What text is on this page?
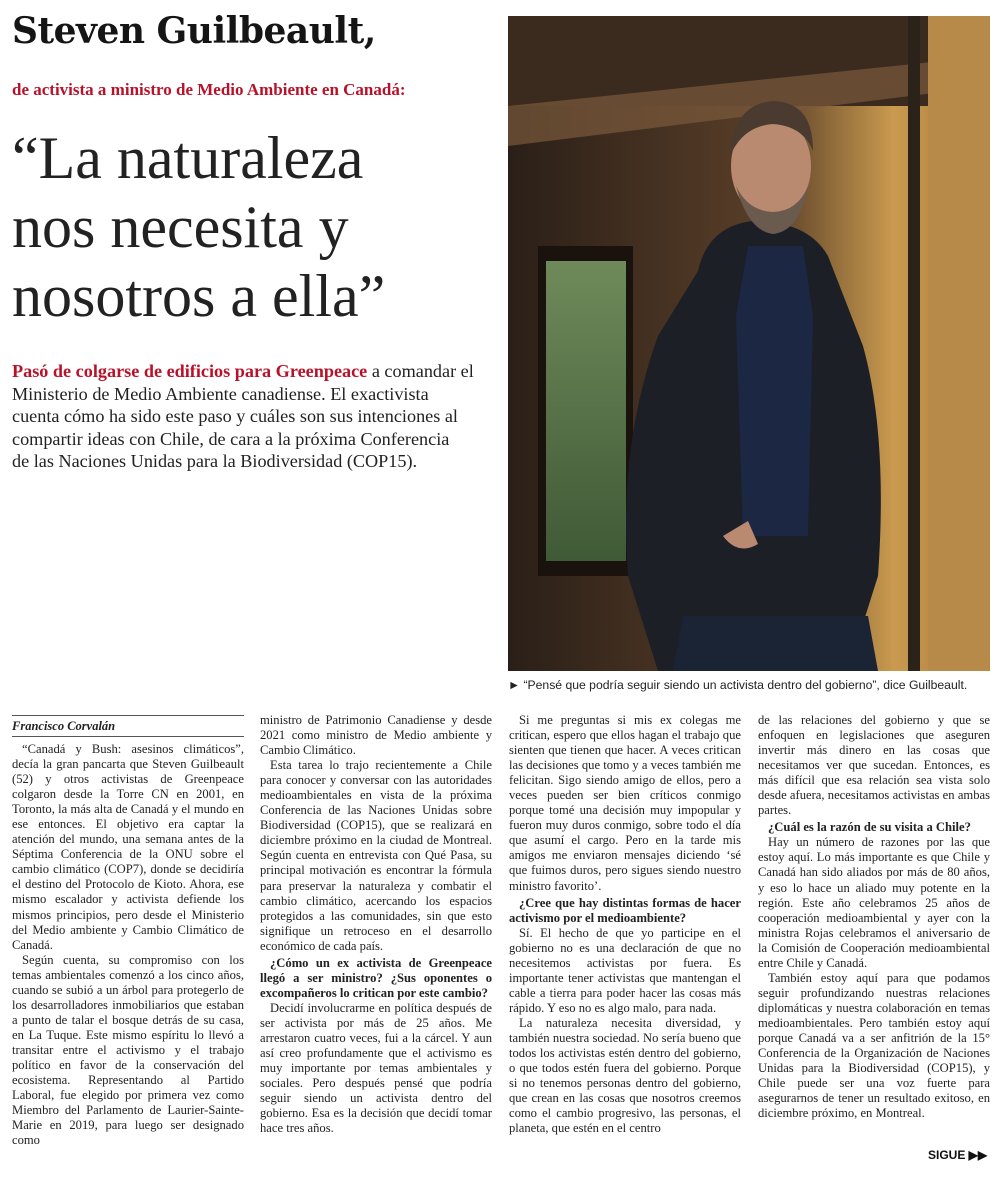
Steven Guilbeault,
de activista a ministro de Medio Ambiente en Canadá:
“La naturaleza
nos necesita y
nosotros a ella”

Pasó de colgarse de edificios para Greenpeace a comandar el
Ministerio de Medio Ambiente canadiense. El exactivista
cuenta cómo ha sido este paso y cuáles son sus intenciones al
compartir ideas con Chile, de cara a la próxima Conferencia
de las Naciones Unidas para la Biodiversidad (COP15).

► “Pensé que podría seguir siendo un activista dentro del gobierno”, dice Guilbeault.
Francisco Corvalán

“Canadá y Bush: asesinos climáticos”, decía la gran pancarta que Steven Guilbeault (52) y otros activistas de Greenpeace colgaron desde la Torre CN en 2001, en Toronto, la más alta de Canadá y el mundo en ese entonces. El objetivo era captar la atención del mundo, una semana antes de la Séptima Conferencia de la ONU sobre el cambio climático (COP7), donde se decidiría el destino del Protocolo de Kioto. Ahora, ese mismo escalador y activista defiende los mismos principios, pero desde el Ministerio del Medio ambiente y Cambio Climático de Canadá.

Según cuenta, su compromiso con los temas ambientales comenzó a los cinco años, cuando se subió a un árbol para protegerlo de los desarrolladores inmobiliarios que estaban a punto de talar el bosque detrás de su casa, en La Tuque. Este mismo espíritu lo llevó a transitar entre el activismo y el trabajo político en favor de la conservación del ecosistema. Representando al Partido Laboral, fue elegido por primera vez como Miembro del Parlamento de Laurier-Sainte-Marie en 2019, para luego ser designado como

ministro de Patrimonio Canadiense y desde 2021 como ministro de Medio ambiente y Cambio Climático.

Esta tarea lo trajo recientemente a Chile para conocer y conversar con las autoridades medioambientales en vista de la próxima Conferencia de las Naciones Unidas sobre Biodiversidad (COP15), que se realizará en diciembre próximo en la ciudad de Montreal. Según cuenta en entrevista con Qué Pasa, su principal motivación es encontrar la fórmula para preservar la naturaleza y combatir el cambio climático, acercando los espacios protegidos a las comunidades, sin que esto signifique un retroceso en el desarrollo económico de cada país.

¿Cómo un ex activista de Greenpeace llegó a ser ministro? ¿Sus oponentes o excompañeros lo critican por este cambio?

Decidí involucrarme en política después de ser activista por más de 25 años. Me arrestaron cuatro veces, fui a la cárcel. Y aun así creo profundamente que el activismo es muy importante por temas ambientales y sociales. Pero después pensé que podría seguir siendo un activista dentro del gobierno. Esa es la decisión que decidí tomar hace tres años.

Si me preguntas si mis ex colegas me critican, espero que ellos hagan el trabajo que sienten que tienen que hacer. A veces critican las decisiones que tomo y a veces también me felicitan. Sigo siendo amigo de ellos, pero a veces pueden ser bien críticos conmigo porque tomé una decisión muy impopular y fueron muy duros conmigo, sobre todo el día que asumí el cargo. Pero en la tarde mis amigos me enviaron mensajes diciendo ‘sé que fuimos duros, pero sigues siendo nuestro ministro favorito’.

¿Cree que hay distintas formas de hacer activismo por el medioambiente?

Sí. El hecho de que yo participe en el gobierno no es una declaración de que no necesitemos activistas por fuera. Es importante tener activistas que mantengan el cable a tierra para poder hacer las cosas más rápido. Y eso no es algo malo, para nada.

La naturaleza necesita diversidad, y también nuestra sociedad. No sería bueno que todos los activistas estén dentro del gobierno, o que todos estén fuera del gobierno. Porque si no tenemos personas dentro del gobierno, que crean en las cosas que nosotros creemos como el cambio progresivo, las personas, el planeta, que estén en el centro

de las relaciones del gobierno y que se enfoquen en legislaciones que aseguren invertir más dinero en las cosas que necesitamos ver que sucedan. Entonces, es más difícil que esa relación sea vista solo desde afuera, necesitamos activistas en ambas partes.

¿Cuál es la razón de su visita a Chile?

Hay un número de razones por las que estoy aquí. Lo más importante es que Chile y Canadá han sido aliados por más de 80 años, y eso lo hace un aliado muy potente en la región. Este año celebramos 25 años de cooperación medioambiental y ayer con la ministra Rojas celebramos el aniversario de la Comisión de Cooperación medioambiental entre Chile y Canadá.

También estoy aquí para que podamos seguir profundizando nuestras relaciones diplomáticas y nuestra colaboración en temas medioambientales. Pero también estoy aquí porque Canadá va a ser anfitrión de la 15° Conferencia de la Organización de Naciones Unidas para la Biodiversidad (COP15), y Chile puede ser una voz fuerte para asegurarnos de tener un resultado exitoso, en diciembre próximo, en Montreal.

SIGUE ▶▶
